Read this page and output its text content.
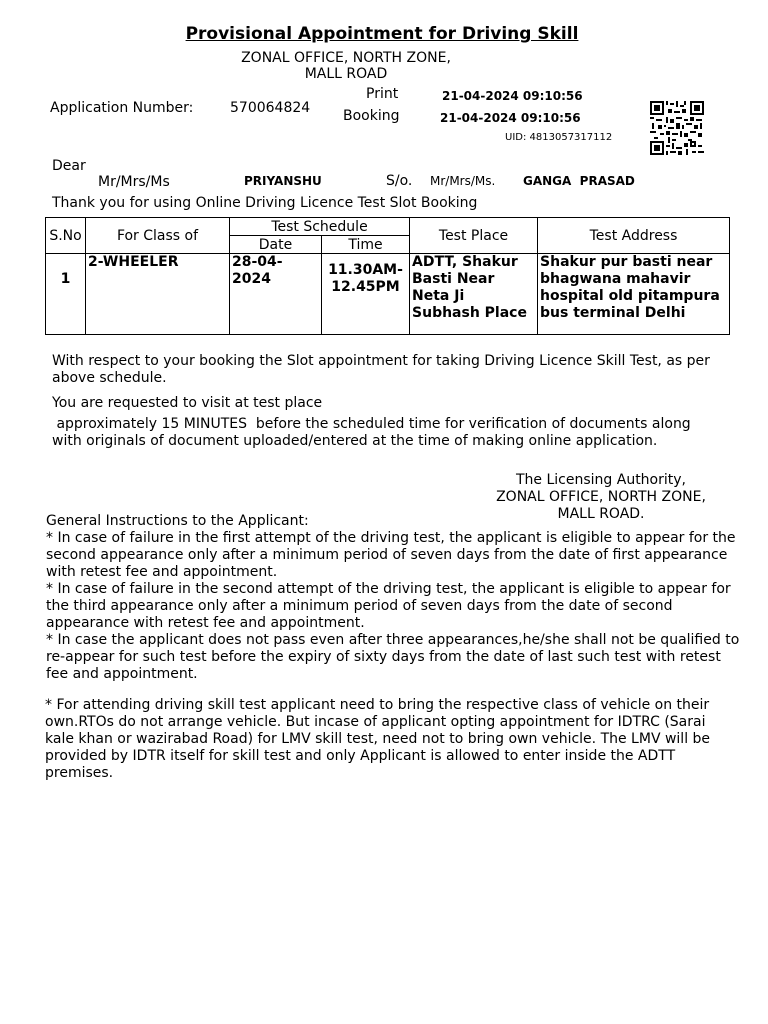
Provisional Appointment for Driving Skill
ZONAL OFFICE, NORTH ZONE,
MALL ROAD
Application Number:	570064824
Print	21-04-2024 09:10:56
Booking	21-04-2024 09:10:56
UID: 4813057317112
Dear
Mr/Mrs/Ms	PRIYANSHU	S/o. Mr/Mrs/Ms. GANGA  PRASAD
Thank you for using Online Driving Licence Test Slot Booking
S.No	For Class of	Test Schedule		Test Place	Test Address
		Date	Time		

1	2-WHEELER	28-04-2024	11.30AM-12.45PM	ADTT, Shakur Basti Near Neta Ji Subhash Place	Shakur pur basti near bhagwana mahavir hospital old pitampura bus terminal Delhi
With respect to your booking the Slot appointment for taking Driving Licence Skill Test, as per above schedule.
You are requested to visit at test place
approximately 15 MINUTES  before the scheduled time for verification of documents along with originals of document uploaded/entered at the time of making online application.
The Licensing Authority,
ZONAL OFFICE, NORTH ZONE,
MALL ROAD.
General Instructions to the Applicant:
* In case of failure in the first attempt of the driving test, the applicant is eligible to appear for the second appearance only after a minimum period of seven days from the date of first appearance with retest fee and appointment.
* In case of failure in the second attempt of the driving test, the applicant is eligible to appear for the third appearance only after a minimum period of seven days from the date of second appearance with retest fee and appointment.
* In case the applicant does not pass even after three appearances,he/she shall not be qualified to re-appear for such test before the expiry of sixty days from the date of last such test with retest fee and appointment.
* For attending driving skill test applicant need to bring the respective class of vehicle on their own.RTOs do not arrange vehicle. But incase of applicant opting appointment for IDTRC (Sarai kale khan or wazirabad Road) for LMV skill test, need not to bring own vehicle. The LMV will be provided by IDTR itself for skill test and only Applicant is allowed to enter inside the ADTT premises.
